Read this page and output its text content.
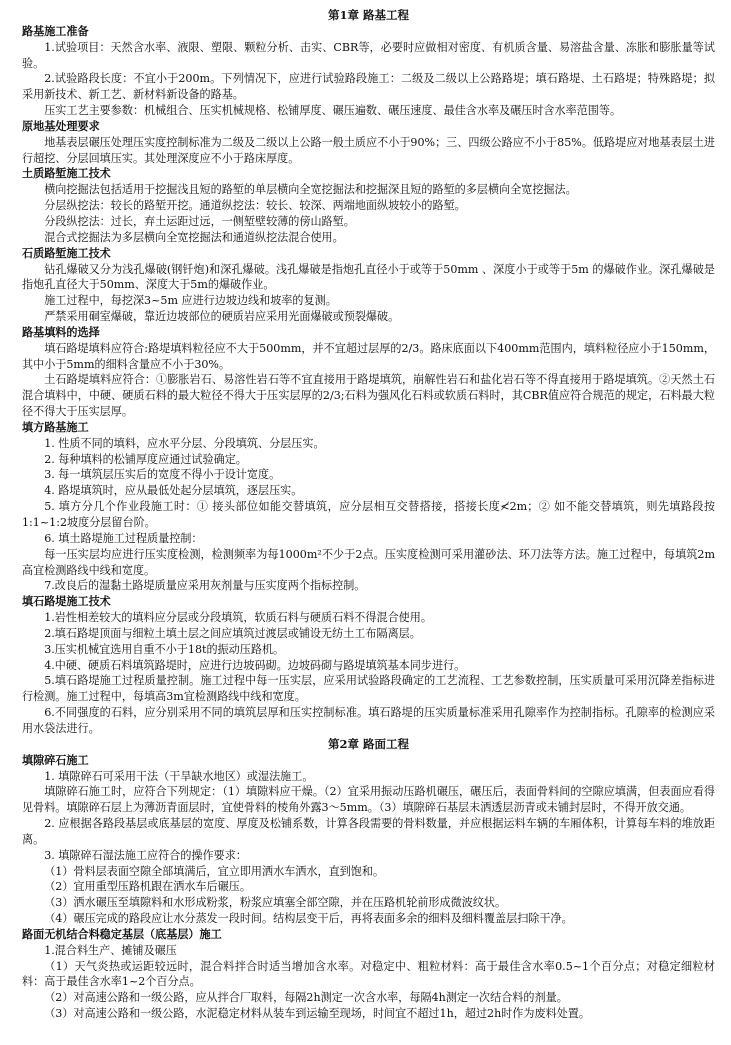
第1章 路基工程

路基施工准备

1.试验项目：天然含水率、液限、塑限、颗粒分析、击实、CBR等，必要时应做相对密度、有机质含量、易溶盐含量、冻胀和膨胀量等试验。

2.试验路段长度：不宜小于200m。下列情况下，应进行试验路段施工：二级及二级以上公路路堤；填石路堤、土石路堤；特殊路堤；拟采用新技术、新工艺、新材料新设备的路基。

压实工艺主要参数：机械组合、压实机械规格、松铺厚度、碾压遍数、碾压速度、最佳含水率及碾压时含水率范围等。

原地基处理要求

地基表层碾压处理压实度控制标准为二级及二级以上公路一般土质应不小于90%；三、四级公路应不小于85%。低路堤应对地基表层土进行超挖、分层回填压实。其处理深度应不小于路床厚度。

土质路堑施工技术

横向挖掘法包括适用于挖掘浅且短的路堑的单层横向全宽挖掘法和挖掘深且短的路堑的多层横向全宽挖掘法。

分层纵挖法：较长的路堑开挖。通道纵挖法：较长、较深、两端地面纵坡较小的路堑。

分段纵挖法：过长，弃土运距过远，一侧堑壁较薄的傍山路堑。

混合式挖掘法为多层横向全宽挖掘法和通道纵挖法混合使用。

石质路堑施工技术

钻孔爆破又分为浅孔爆破(钢钎炮)和深孔爆破。浅孔爆破是指炮孔直径小于或等于50mm 、深度小于或等于5m 的爆破作业。深孔爆破是指炮孔直径大于50mm、深度大于5m的爆破作业。

施工过程中，每挖深3~5m 应进行边坡边线和坡率的复测。

严禁采用硐室爆破，靠近边坡部位的硬质岩应采用光面爆破或预裂爆破。

路基填料的选择

填石路堤填料应符合:路堤填料粒径应不大于500mm，并不宜超过层厚的2/3。路床底面以下400mm范围内，填料粒径应小于150mm，其中小于5mm的细料含量应不小于30%。

土石路堤填料应符合：①膨胀岩石、易溶性岩石等不宜直接用于路堤填筑，崩解性岩石和盐化岩石等不得直接用于路堤填筑。②天然土石混合填料中，中硬、硬质石料的最大粒径不得大于压实层厚的2/3;石料为强风化石料或软质石料时，其CBR值应符合规范的规定，石料最大粒径不得大于压实层厚。

填方路基施工

1. 性质不同的填料，应水平分层、分段填筑、分层压实。

2. 每种填料的松铺厚度应通过试验确定。

3. 每一填筑层压实后的宽度不得小于设计宽度。

4. 路堤填筑时，应从最低处起分层填筑，逐层压实。

5. 填方分几个作业段施工时：① 接头部位如能交替填筑，应分层相互交替搭接，搭接长度≮2m；② 如不能交替填筑，则先填路段按1:1~1:2坡度分层留台阶。

6. 填土路堤施工过程质量控制：

每一压实层均应进行压实度检测，检测频率为每1000m²不少于2点。压实度检测可采用灌砂法、环刀法等方法。施工过程中，每填筑2m高宜检测路线中线和宽度。

7.改良后的湿黏土路堤质量应采用灰剂量与压实度两个指标控制。

填石路堤施工技术

1.岩性相差较大的填料应分层或分段填筑，软质石料与硬质石料不得混合使用。

2.填石路堤顶面与细粒土填土层之间应填筑过渡层或铺设无纺土工布隔离层。

3.压实机械宜选用自重不小于18t的振动压路机。

4.中硬、硬质石料填筑路堤时，应进行边坡码砌。边坡码砌与路堤填筑基本同步进行。

5.填石路堤施工过程质量控制。施工过程中每一压实层，应采用试验路段确定的工艺流程、工艺参数控制，压实质量可采用沉降差指标进行检测。施工过程中，每填高3m宜检测路线中线和宽度。

6.不同强度的石料，应分别采用不同的填筑层厚和压实控制标准。填石路堤的压实质量标准采用孔隙率作为控制指标。孔隙率的检测应采用水袋法进行。

第2章 路面工程

填隙碎石施工

1. 填隙碎石可采用干法（干旱缺水地区）或湿法施工。

填隙碎石施工时，应符合下列规定：（1）填隙料应干燥。（2）宜采用振动压路机碾压，碾压后，表面骨料间的空隙应填满，但表面应看得见骨料。填隙碎石层上为薄沥青面层时，宜使骨料的棱角外露3～5mm。（3）填隙碎石基层未洒透层沥青或未铺封层时，不得开放交通。

2. 应根据各路段基层或底基层的宽度、厚度及松铺系数，计算各段需要的骨料数量，并应根据运料车辆的车厢体积，计算每车料的堆放距离。

3. 填隙碎石湿法施工应符合的操作要求：

（1）骨料层表面空隙全部填满后，宜立即用洒水车洒水，直到饱和。

（2）宜用重型压路机跟在洒水车后碾压。

（3）洒水碾压至填隙料和水形成粉浆，粉浆应填塞全部空隙，并在压路机轮前形成微波纹状。

（4）碾压完成的路段应让水分蒸发一段时间。结构层变干后，再将表面多余的细料及细料覆盖层扫除干净。

路面无机结合料稳定基层（底基层）施工

1.混合料生产、摊铺及碾压

（1）天气炎热或运距较远时，混合料拌合时适当增加含水率。对稳定中、粗粒材料：高于最佳含水率0.5~1个百分点；对稳定细粒材料：高于最佳含水率1~2个百分点。

（2）对高速公路和一级公路，应从拌合厂取料，每隔2h测定一次含水率，每隔4h测定一次结合料的剂量。

（3）对高速公路和一级公路，水泥稳定材料从装车到运输至现场，时间宜不超过1h，超过2h时作为废料处置。
